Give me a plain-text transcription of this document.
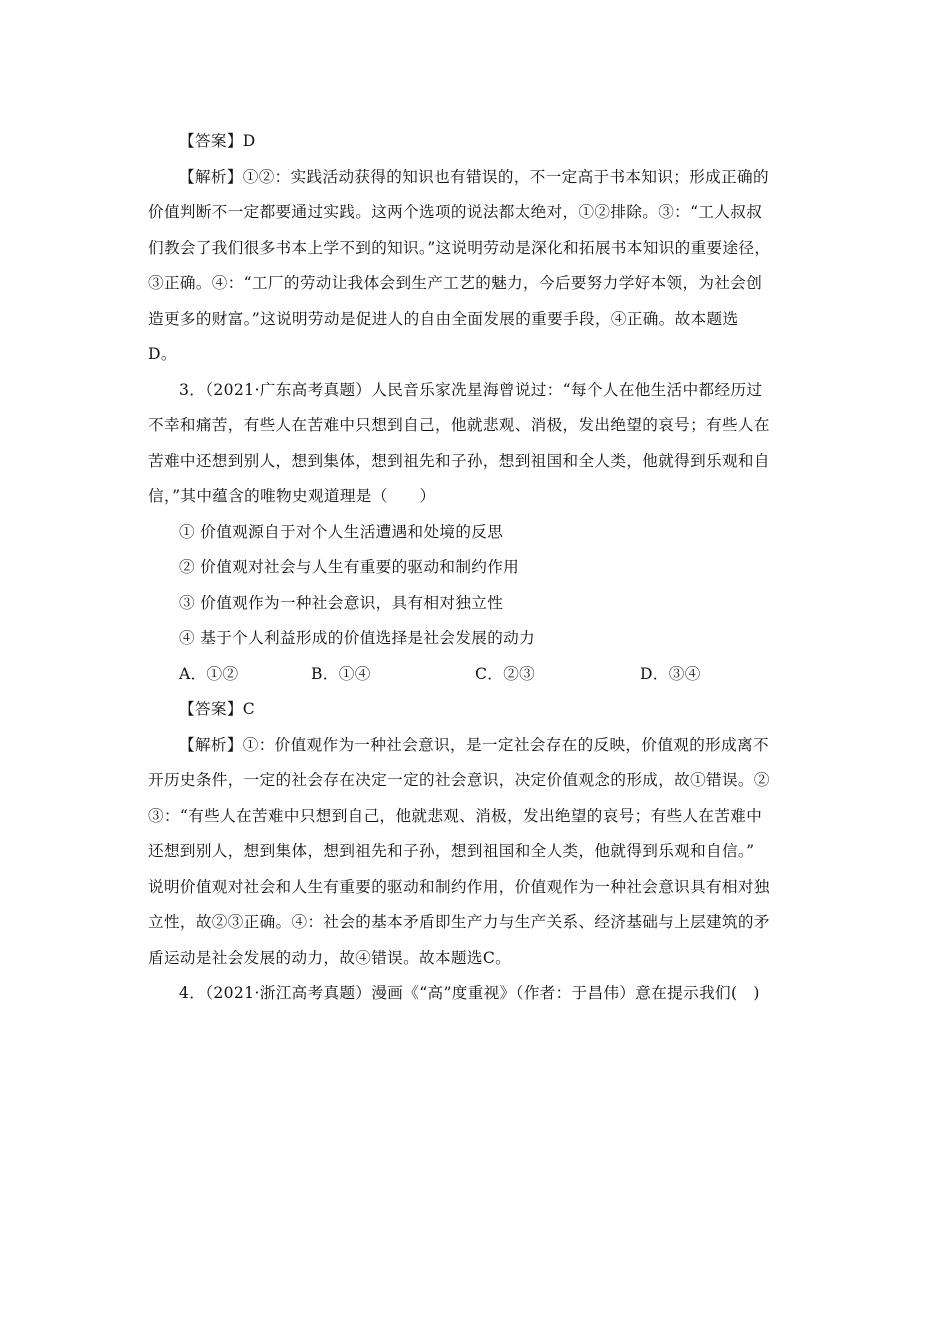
【答案】D
【解析】①②：实践活动获得的知识也有错误的，不一定高于书本知识；形成正确的
价值判断不一定都要通过实践。这两个选项的说法都太绝对，①②排除。③：“工人叔叔
们教会了我们很多书本上学不到的知识。”这说明劳动是深化和拓展书本知识的重要途径，
③正确。④：“工厂的劳动让我体会到生产工艺的魅力，今后要努力学好本领，为社会创
造更多的财富。”这说明劳动是促进人的自由全面发展的重要手段，④正确。故本题选
D。
3．（2021·广东高考真题）人民音乐家冼星海曾说过：“每个人在他生活中都经历过
不幸和痛苦，有些人在苦难中只想到自己，他就悲观、消极，发出绝望的哀号；有些人在
苦难中还想到别人，想到集体，想到祖先和子孙，想到祖国和全人类，他就得到乐观和自
信，”其中蕴含的唯物史观道理是（　　）
① 价值观源自于对个人生活遭遇和处境的反思
② 价值观对社会与人生有重要的驱动和制约作用
③ 价值观作为一种社会意识，具有相对独立性
④ 基于个人利益形成的价值选择是社会发展的动力
A．①②	B．①④	C．②③	D．③④
【答案】C
【解析】①：价值观作为一种社会意识，是一定社会存在的反映，价值观的形成离不
开历史条件，一定的社会存在决定一定的社会意识，决定价值观念的形成，故①错误。②
③：“有些人在苦难中只想到自己，他就悲观、消极，发出绝望的哀号；有些人在苦难中
还想到别人，想到集体，想到祖先和子孙，想到祖国和全人类，他就得到乐观和自信。”
说明价值观对社会和人生有重要的驱动和制约作用，价值观作为一种社会意识具有相对独
立性，故②③正确。④：社会的基本矛盾即生产力与生产关系、经济基础与上层建筑的矛
盾运动是社会发展的动力，故④错误。故本题选C。
4．（2021·浙江高考真题）漫画《“高”度重视》（作者：于昌伟）意在提示我们(　)
